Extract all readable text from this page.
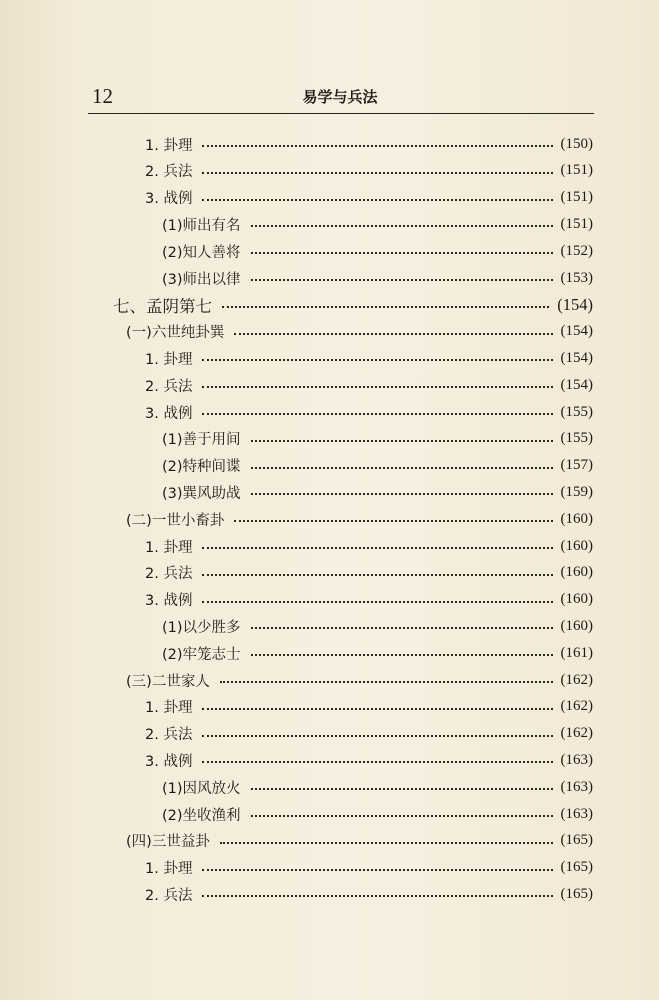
12	易学与兵法
1. 卦理	(150)
2. 兵法	(151)
3. 战例	(151)
(1)师出有名	(151)
(2)知人善将	(152)
(3)师出以律	(153)
七、孟阴第七	(154)
(一)六世纯卦巽	(154)
1. 卦理	(154)
2. 兵法	(154)
3. 战例	(155)
(1)善于用间	(155)
(2)特种间谍	(157)
(3)巽风助战	(159)
(二)一世小畜卦	(160)
1. 卦理	(160)
2. 兵法	(160)
3. 战例	(160)
(1)以少胜多	(160)
(2)牢笼志士	(161)
(三)二世家人	(162)
1. 卦理	(162)
2. 兵法	(162)
3. 战例	(163)
(1)因风放火	(163)
(2)坐收渔利	(163)
(四)三世益卦	(165)
1. 卦理	(165)
2. 兵法	(165)
